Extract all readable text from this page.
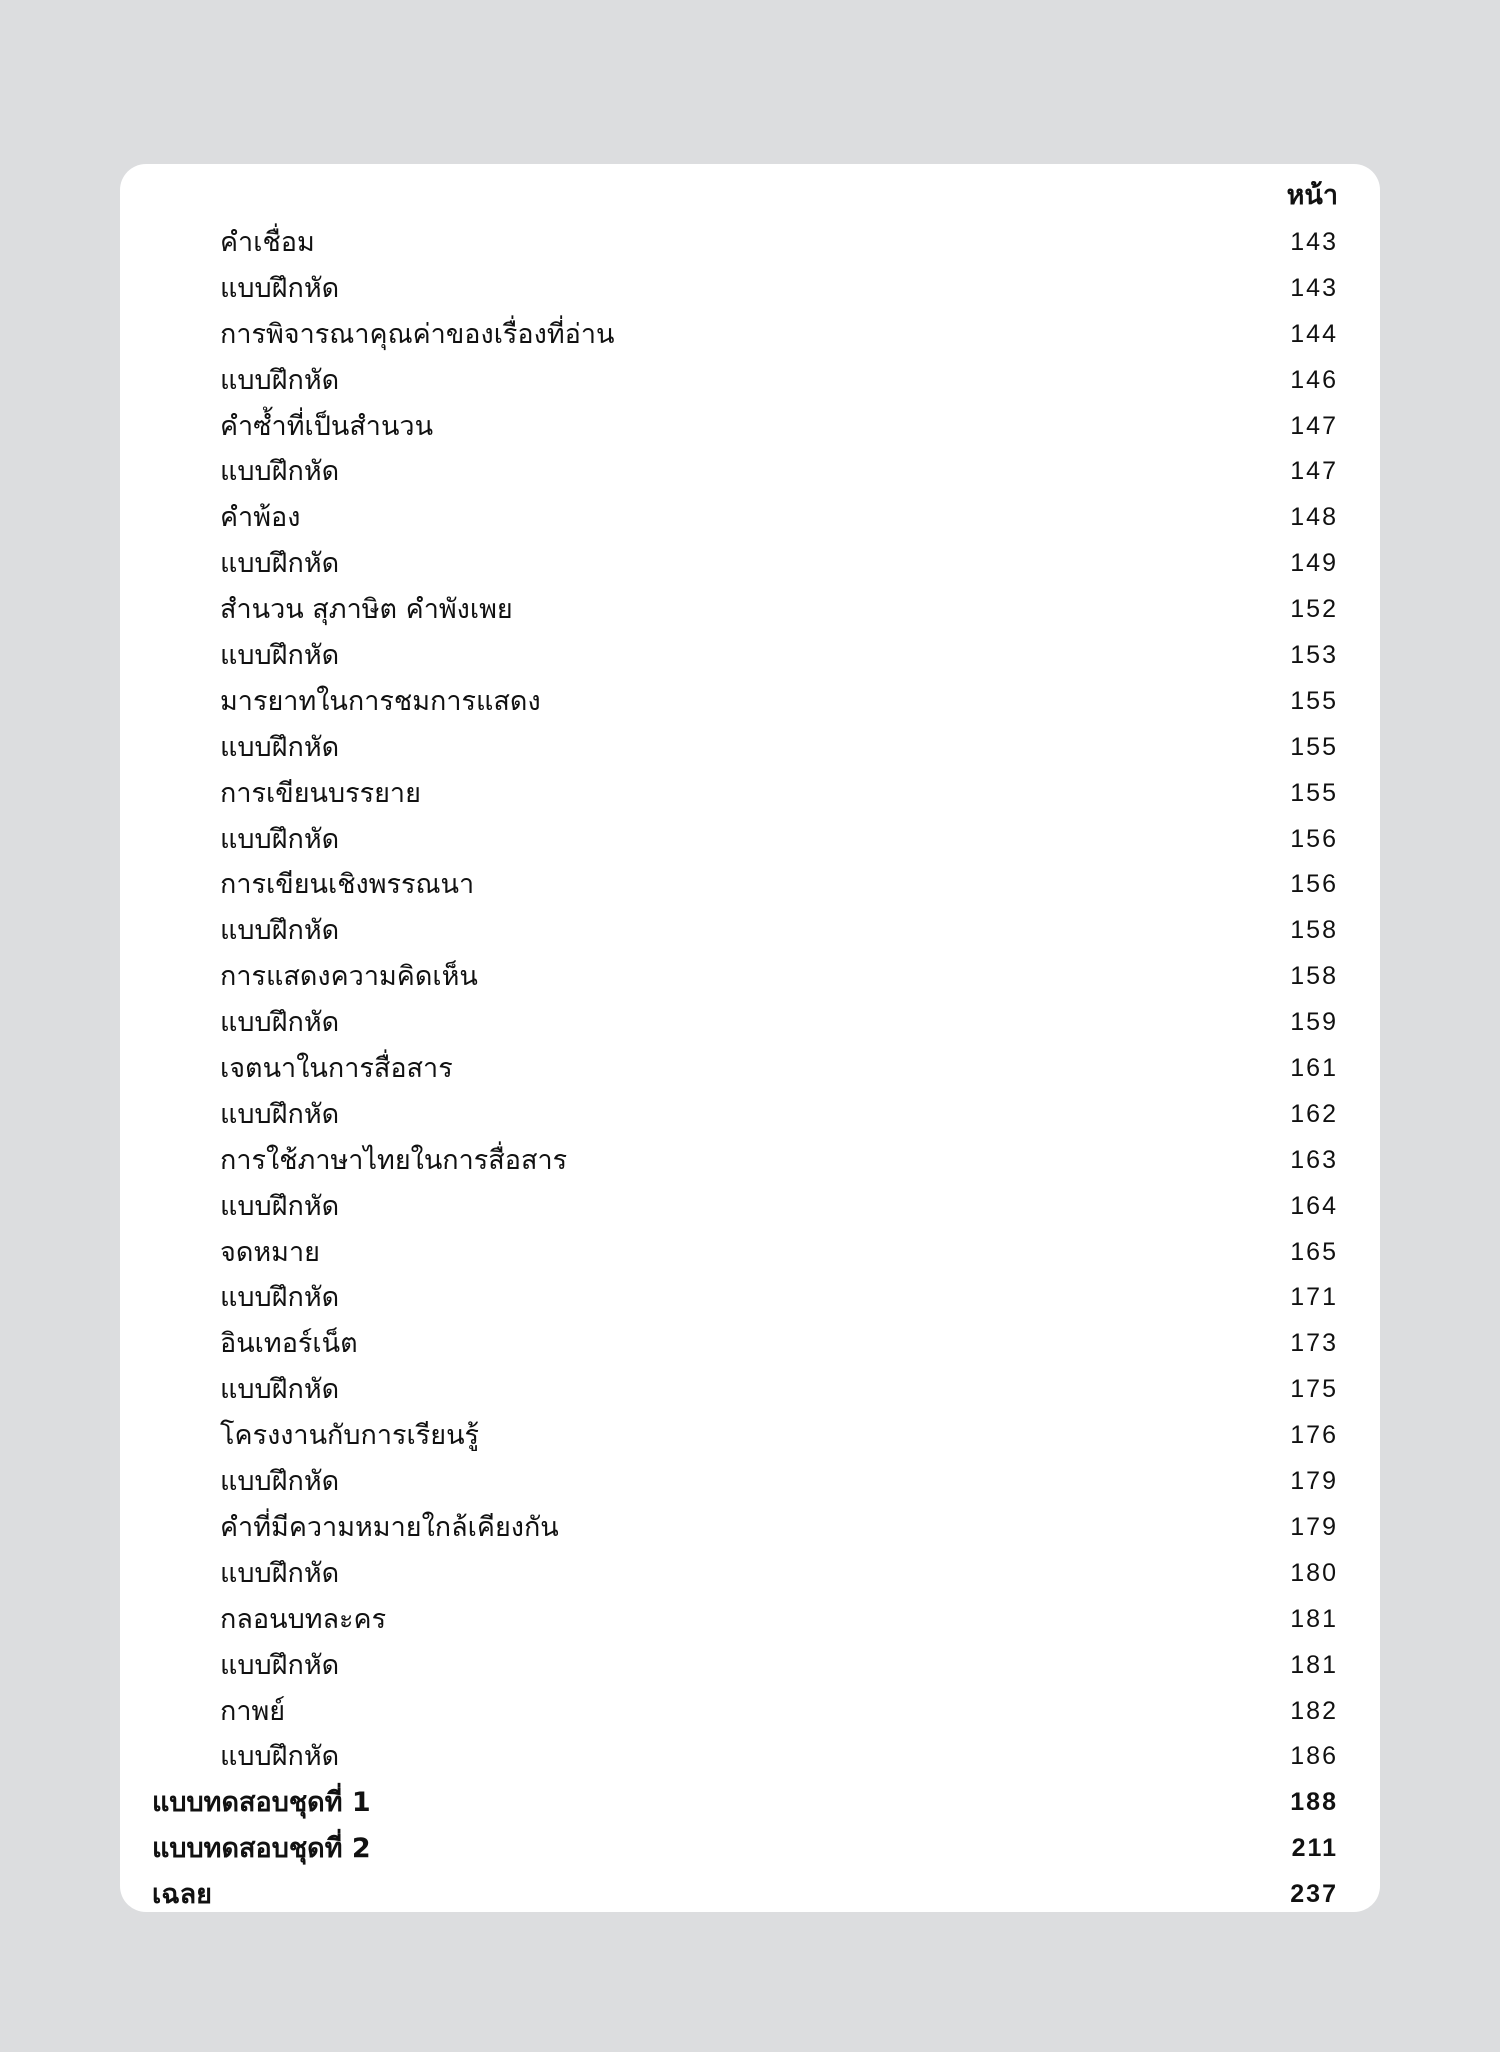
หน้า
คำเชื่อม	143
แบบฝึกหัด	143
การพิจารณาคุณค่าของเรื่องที่อ่าน	144
แบบฝึกหัด	146
คำซ้ำที่เป็นสำนวน	147
แบบฝึกหัด	147
คำพ้อง	148
แบบฝึกหัด	149
สำนวน สุภาษิต คำพังเพย	152
แบบฝึกหัด	153
มารยาทในการชมการแสดง	155
แบบฝึกหัด	155
การเขียนบรรยาย	155
แบบฝึกหัด	156
การเขียนเชิงพรรณนา	156
แบบฝึกหัด	158
การแสดงความคิดเห็น	158
แบบฝึกหัด	159
เจตนาในการสื่อสาร	161
แบบฝึกหัด	162
การใช้ภาษาไทยในการสื่อสาร	163
แบบฝึกหัด	164
จดหมาย	165
แบบฝึกหัด	171
อินเทอร์เน็ต	173
แบบฝึกหัด	175
โครงงานกับการเรียนรู้	176
แบบฝึกหัด	179
คำที่มีความหมายใกล้เคียงกัน	179
แบบฝึกหัด	180
กลอนบทละคร	181
แบบฝึกหัด	181
กาพย์	182
แบบฝึกหัด	186
แบบทดสอบชุดที่ 1	188
แบบทดสอบชุดที่ 2	211
เฉลย	237
